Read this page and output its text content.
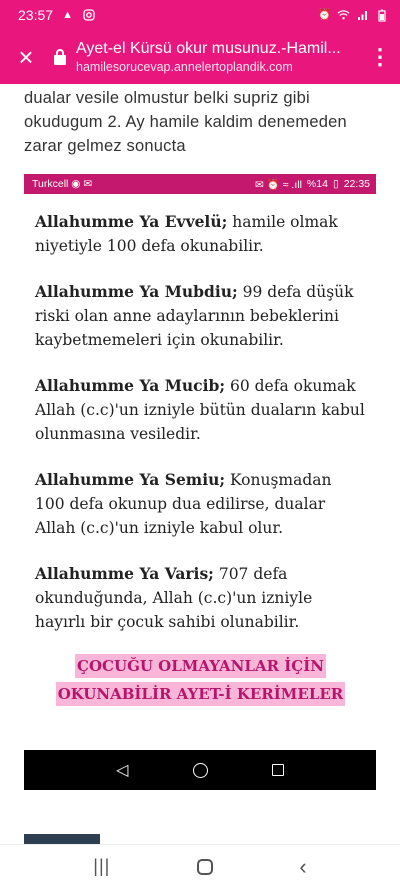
23:57 ▲	⏰
×	Ayet-el Kürsü okur musunuz.-Hamil...
hamilesorucevap.annelertoplandik.com	⋮

dualar vesile olmustur belki supriz gibi okudugum 2. Ay hamile kaldim denemeden zarar gelmez sonucta

Turkcell ◉ ✉	✉ ⏰ ≈ .ıll %14 ▯ 22:35

Allahumme Ya Evvelü; hamile olmak niyetiyle 100 defa okunabilir.

Allahumme Ya Mubdiu; 99 defa düşük riski olan anne adaylarının bebeklerini kaybetmemeleri için okunabilir.

Allahumme Ya Mucib; 60 defa okumak Allah (c.c)'un izniyle bütün duaların kabul olunmasına vesiledir.

Allahumme Ya Semiu; Konuşmadan 100 defa okunup dua edilirse, dualar Allah (c.c)'un izniyle kabul olur.

Allahumme Ya Varis; 707 defa okunduğunda, Allah (c.c)'un izniyle hayırlı bir çocuk sahibi olunabilir.

ÇOCUĞU OLMAYANLAR İÇİN
OKUNABİLİR AYET-İ KERİMELER
◁
|||	‹
